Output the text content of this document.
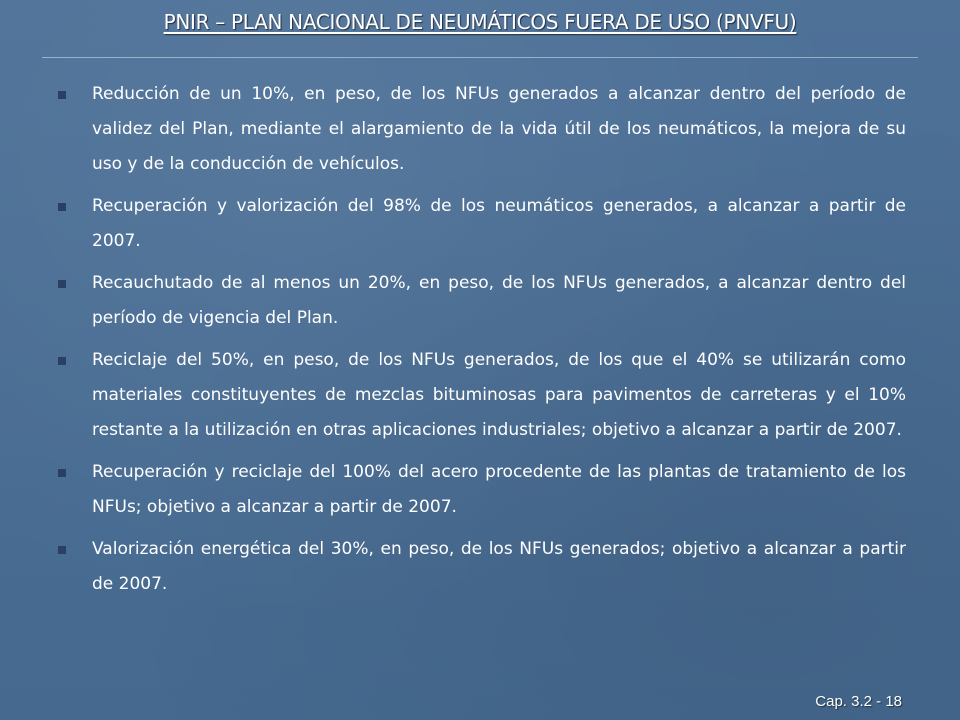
PNIR – PLAN NACIONAL DE NEUMÁTICOS FUERA DE USO (PNVFU)
Reducción de un 10%, en peso, de los NFUs generados a alcanzar dentro del período de validez del Plan, mediante el alargamiento de la vida útil de los neumáticos, la mejora de su uso y de la conducción de vehículos.
Recuperación y valorización del 98% de los neumáticos generados, a alcanzar a partir de 2007.
Recauchutado de al menos un 20%, en peso, de los NFUs generados, a alcanzar dentro del período de vigencia del Plan.
Reciclaje del 50%, en peso, de los NFUs generados, de los que el 40% se utilizarán como materiales constituyentes de mezclas bituminosas para pavimentos de carreteras y el 10% restante a la utilización en otras aplicaciones industriales; objetivo a alcanzar a partir de 2007.
Recuperación y reciclaje del 100% del acero procedente de las plantas de tratamiento de los NFUs; objetivo a alcanzar a partir de 2007.
Valorización energética del 30%, en peso, de los NFUs generados; objetivo a alcanzar a partir de 2007.
Cap. 3.2 - 18
